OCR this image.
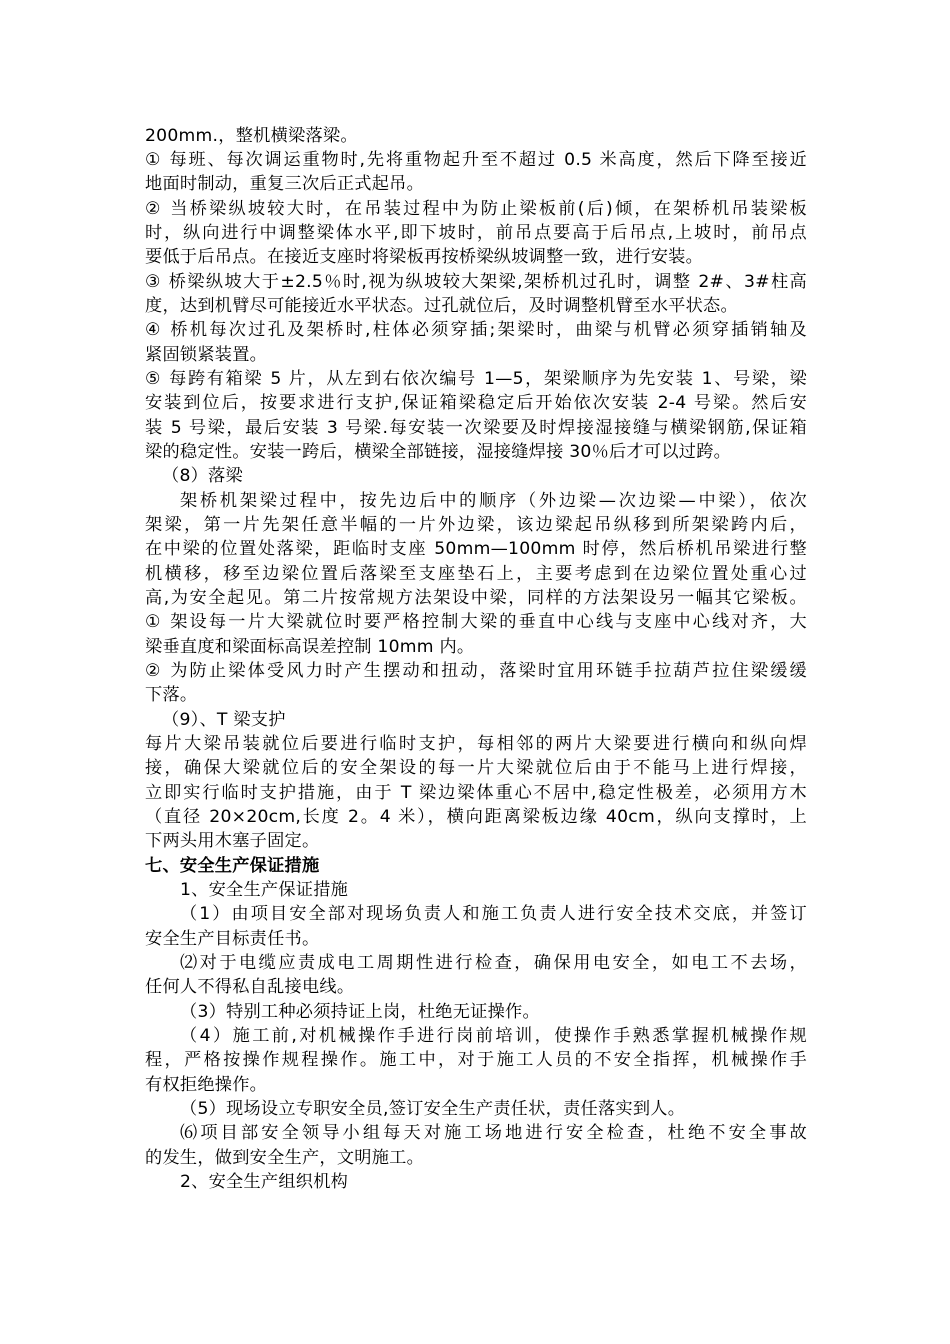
200mm.，整机横梁落梁。
① 每班、每次调运重物时,先将重物起升至不超过 0.5 米高度，然后下降至接近
地面时制动，重复三次后正式起吊。
② 当桥梁纵坡较大时，在吊装过程中为防止梁板前(后)倾，在架桥机吊装梁板
时，纵向进行中调整梁体水平,即下坡时，前吊点要高于后吊点,上坡时，前吊点
要低于后吊点。在接近支座时将梁板再按桥梁纵坡调整一致，进行安装。
③ 桥梁纵坡大于±2.5％时,视为纵坡较大架梁,架桥机过孔时，调整 2#、3#柱高
度，达到机臂尽可能接近水平状态。过孔就位后，及时调整机臂至水平状态。
④ 桥机每次过孔及架桥时,柱体必须穿插;架梁时，曲梁与机臂必须穿插销轴及
紧固锁紧装置。
⑤ 每跨有箱梁 5 片，从左到右依次编号 1—5，架梁顺序为先安装 1、号梁，梁
安装到位后，按要求进行支护,保证箱梁稳定后开始依次安装 2-4 号梁。然后安
装 5 号梁，最后安装 3 号梁.每安装一次梁要及时焊接湿接缝与横梁钢筋,保证箱
梁的稳定性。安装一跨后，横梁全部链接，湿接缝焊接 30％后才可以过跨。
（8）落梁
架桥机架梁过程中，按先边后中的顺序（外边梁—次边梁—中梁），依次
架梁，第一片先架任意半幅的一片外边梁，该边梁起吊纵移到所架梁跨内后，
在中梁的位置处落梁，距临时支座 50mm—100mm 时停，然后桥机吊梁进行整
机横移，移至边梁位置后落梁至支座垫石上，主要考虑到在边梁位置处重心过
高,为安全起见。第二片按常规方法架设中梁，同样的方法架设另一幅其它梁板。
① 架设每一片大梁就位时要严格控制大梁的垂直中心线与支座中心线对齐，大
梁垂直度和梁面标高误差控制 10mm 内。
② 为防止梁体受风力时产生摆动和扭动，落梁时宜用环链手拉葫芦拉住梁缓缓
下落。
（9）、T 梁支护
每片大梁吊装就位后要进行临时支护，每相邻的两片大梁要进行横向和纵向焊
接，确保大梁就位后的安全架设的每一片大梁就位后由于不能马上进行焊接，
立即实行临时支护措施，由于 T 梁边梁体重心不居中,稳定性极差，必须用方木
（直径 20×20cm,长度 2。4 米），横向距离梁板边缘 40cm，纵向支撑时，上
下两头用木塞子固定。
七、安全生产保证措施
1、安全生产保证措施
（1）由项目安全部对现场负责人和施工负责人进行安全技术交底，并签订
安全生产目标责任书。
⑵对于电缆应责成电工周期性进行检查，确保用电安全，如电工不去场，
任何人不得私自乱接电线。
（3）特别工种必须持证上岗，杜绝无证操作。
（4）施工前,对机械操作手进行岗前培训，使操作手熟悉掌握机械操作规
程，严格按操作规程操作。施工中，对于施工人员的不安全指挥，机械操作手
有权拒绝操作。
（5）现场设立专职安全员,签订安全生产责任状，责任落实到人。
⑹项目部安全领导小组每天对施工场地进行安全检查，杜绝不安全事故
的发生，做到安全生产，文明施工。
2、安全生产组织机构
